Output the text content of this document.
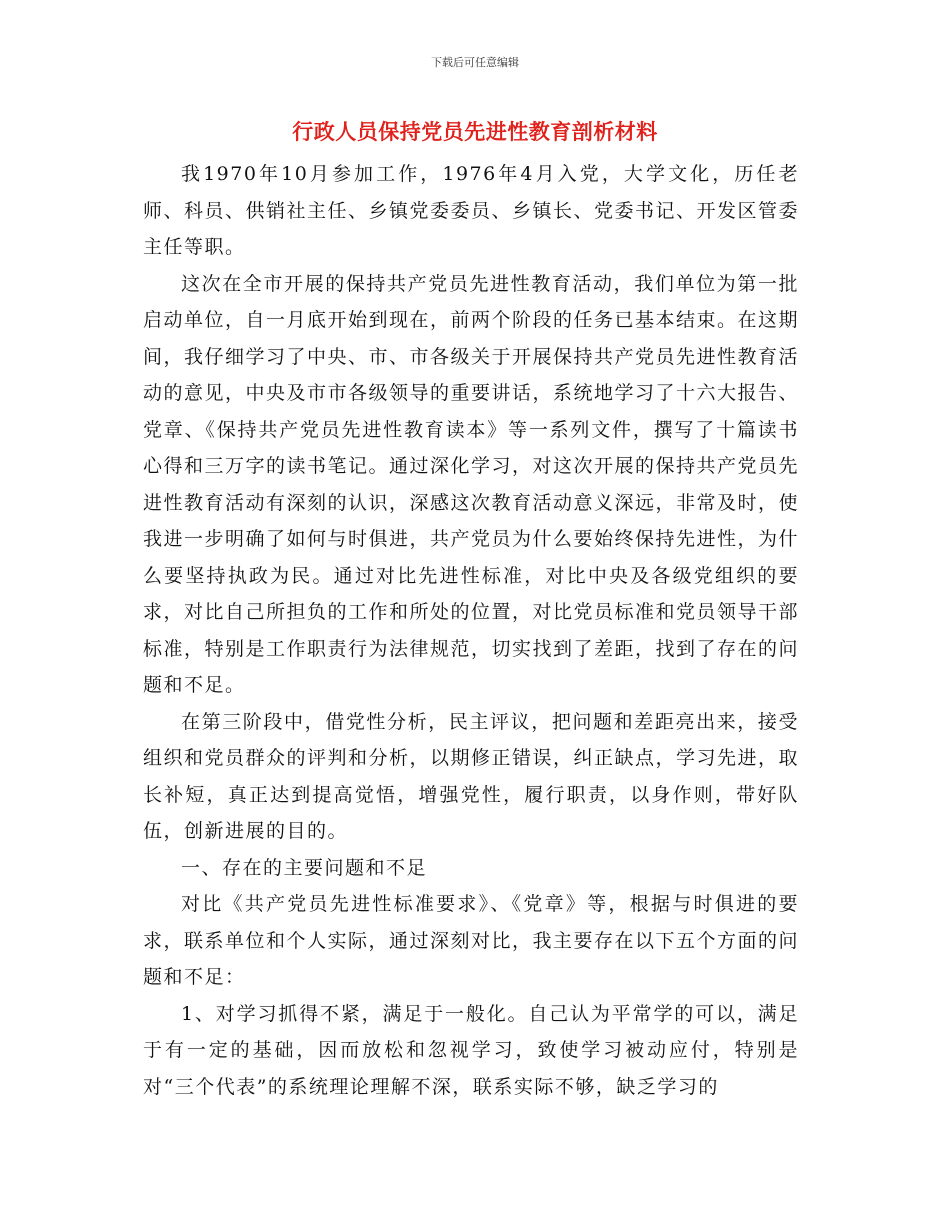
下载后可任意编辑
行政人员保持党员先进性教育剖析材料

我1970年10月参加工作，1976年4月入党，大学文化，历任老师、科员、供销社主任、乡镇党委委员、乡镇长、党委书记、开发区管委主任等职。

这次在全市开展的保持共产党员先进性教育活动，我们单位为第一批启动单位，自一月底开始到现在，前两个阶段的任务已基本结束。在这期间，我仔细学习了中央、市、市各级关于开展保持共产党员先进性教育活动的意见，中央及市市各级领导的重要讲话，系统地学习了十六大报告、党章、《保持共产党员先进性教育读本》等一系列文件，撰写了十篇读书心得和三万字的读书笔记。通过深化学习，对这次开展的保持共产党员先进性教育活动有深刻的认识，深感这次教育活动意义深远，非常及时，使我进一步明确了如何与时俱进，共产党员为什么要始终保持先进性，为什么要坚持执政为民。通过对比先进性标准，对比中央及各级党组织的要求，对比自己所担负的工作和所处的位置，对比党员标准和党员领导干部标准，特别是工作职责行为法律规范，切实找到了差距，找到了存在的问题和不足。

在第三阶段中，借党性分析，民主评议，把问题和差距亮出来，接受组织和党员群众的评判和分析，以期修正错误，纠正缺点，学习先进，取长补短，真正达到提高觉悟，增强党性，履行职责，以身作则，带好队伍，创新进展的目的。

一、存在的主要问题和不足

对比《共产党员先进性标准要求》、《党章》等，根据与时俱进的要求，联系单位和个人实际，通过深刻对比，我主要存在以下五个方面的问题和不足：

1、对学习抓得不紧，满足于一般化。自己认为平常学的可以，满足于有一定的基础，因而放松和忽视学习，致使学习被动应付，特别是对“三个代表”的系统理论理解不深，联系实际不够，缺乏学习的
